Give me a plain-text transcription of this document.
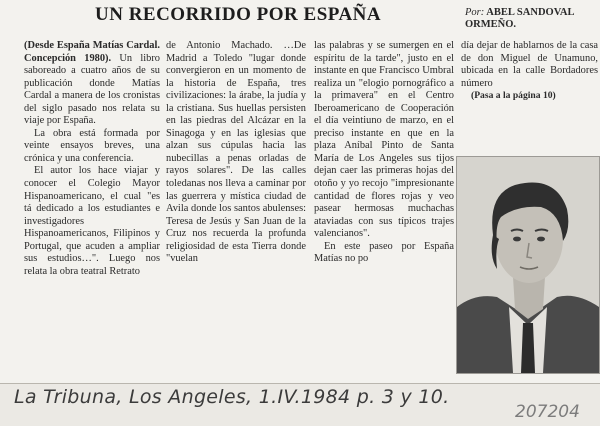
UN RECORRIDO POR ESPAÑA	Por: ABEL SANDOVAL ORMEÑO.

(Desde España Matías Cardal. Concepción 1980). Un libro saboreado a cuatro años de su publicación donde Matías Cardal a manera de los cronistas del siglo pasado nos relata su viaje por España.

La obra está formada por veinte ensayos breves, una crónica y una conferencia.

El autor los hace viajar y conocer el Colegio Mayor Hispanoamericano, el cual "es tá dedicado a los estudiantes e investigadores Hispanoamericanos, Filipinos y Portugal, que acuden a ampliar sus estudios…". Luego nos relata la obra teatral Retrato

de Antonio Machado. …De Madrid a Toledo "lugar donde convergieron en un momento de la historia de España, tres civilizaciones: la árabe, la judía y la cristiana. Sus huellas persisten en las piedras del Alcázar en la Sinagoga y en las iglesias que alzan sus cúpulas hacia las nubecillas a penas orladas de rayos solares". De las calles toledanas nos lleva a caminar por las guerrera y mística ciudad de Avila donde los santos abulenses: Teresa de Jesús y San Juan de la Cruz nos recuerda la profunda religiosidad de esta Tierra donde "vuelan

las palabras y se sumergen en el espíritu de la tarde", justo en el instante en que Francisco Umbral realiza un "elogio pornográfico a la primavera" en el Centro Iberoamericano de Cooperación el día veintiuno de marzo, en el preciso instante en que en la plaza Aníbal Pinto de Santa María de Los Angeles sus tijos dejan caer las primeras hojas del otoño y yo recojo "impresionante cantidad de flores rojas y veo pasear hermosas muchachas ataviadas con sus típicos trajes valencianos".

En este paseo por España Matías no po

día dejar de hablarnos de la casa de don Miguel de Unamuno, ubicada en la calle Bordadores número

(Pasa a la página 10)

La Tribuna, Los Angeles, 1.IV.1984 p. 3 y 10.
207204
